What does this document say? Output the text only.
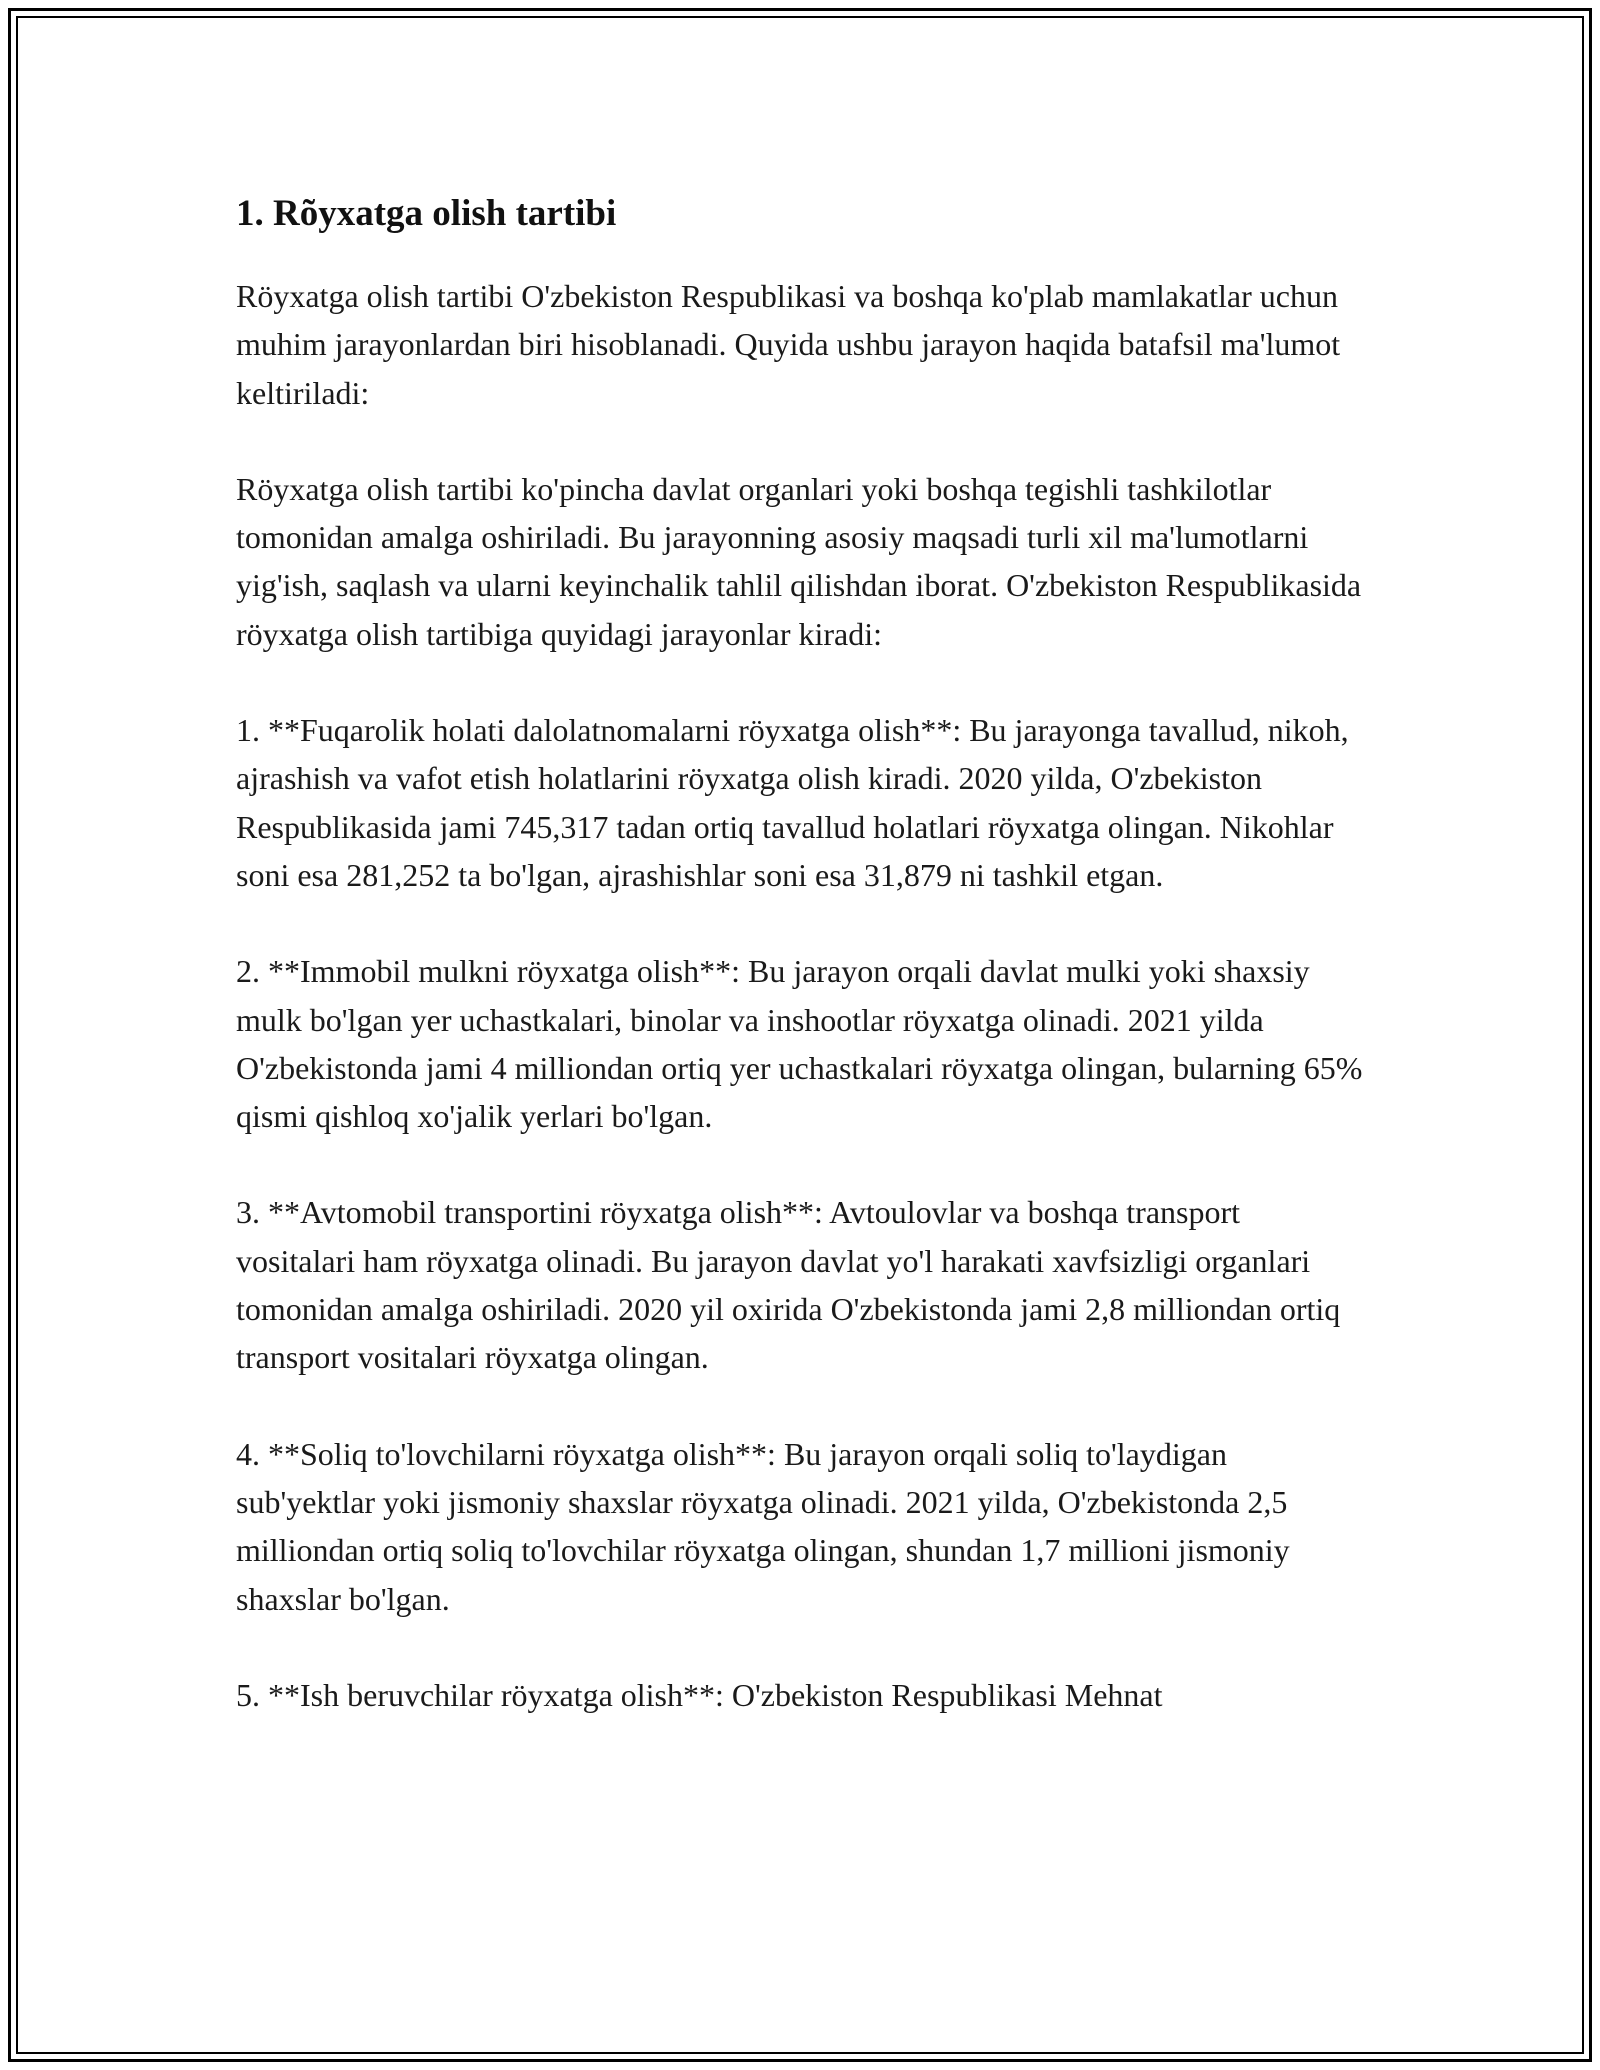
1. Rõyxatga olish tartibi

Röyxatga olish tartibi O'zbekiston Respublikasi va boshqa ko'plab mamlakatlar uchun muhim jarayonlardan biri hisoblanadi. Quyida ushbu jarayon haqida batafsil ma'lumot keltiriladi:

Röyxatga olish tartibi ko'pincha davlat organlari yoki boshqa tegishli tashkilotlar tomonidan amalga oshiriladi. Bu jarayonning asosiy maqsadi turli xil ma'lumotlarni yig'ish, saqlash va ularni keyinchalik tahlil qilishdan iborat. O'zbekiston Respublikasida röyxatga olish tartibiga quyidagi jarayonlar kiradi:

1. **Fuqarolik holati dalolatnomalarni röyxatga olish**: Bu jarayonga tavallud, nikoh, ajrashish va vafot etish holatlarini röyxatga olish kiradi. 2020 yilda, O'zbekiston Respublikasida jami 745,317 tadan ortiq tavallud holatlari röyxatga olingan. Nikohlar soni esa 281,252 ta bo'lgan, ajrashishlar soni esa 31,879 ni tashkil etgan.

2. **Immobil mulkni röyxatga olish**: Bu jarayon orqali davlat mulki yoki shaxsiy mulk bo'lgan yer uchastkalari, binolar va inshootlar röyxatga olinadi. 2021 yilda O'zbekistonda jami 4 milliondan ortiq yer uchastkalari röyxatga olingan, bularning 65% qismi qishloq xo'jalik yerlari bo'lgan.

3. **Avtomobil transportini röyxatga olish**: Avtoulovlar va boshqa transport vositalari ham röyxatga olinadi. Bu jarayon davlat yo'l harakati xavfsizligi organlari tomonidan amalga oshiriladi. 2020 yil oxirida O'zbekistonda jami 2,8 milliondan ortiq transport vositalari röyxatga olingan.

4. **Soliq to'lovchilarni röyxatga olish**: Bu jarayon orqali soliq to'laydigan sub'yektlar yoki jismoniy shaxslar röyxatga olinadi. 2021 yilda, O'zbekistonda 2,5 milliondan ortiq soliq to'lovchilar röyxatga olingan, shundan 1,7 millioni jismoniy shaxslar bo'lgan.

5. **Ish beruvchilar röyxatga olish**: O'zbekiston Respublikasi Mehnat
